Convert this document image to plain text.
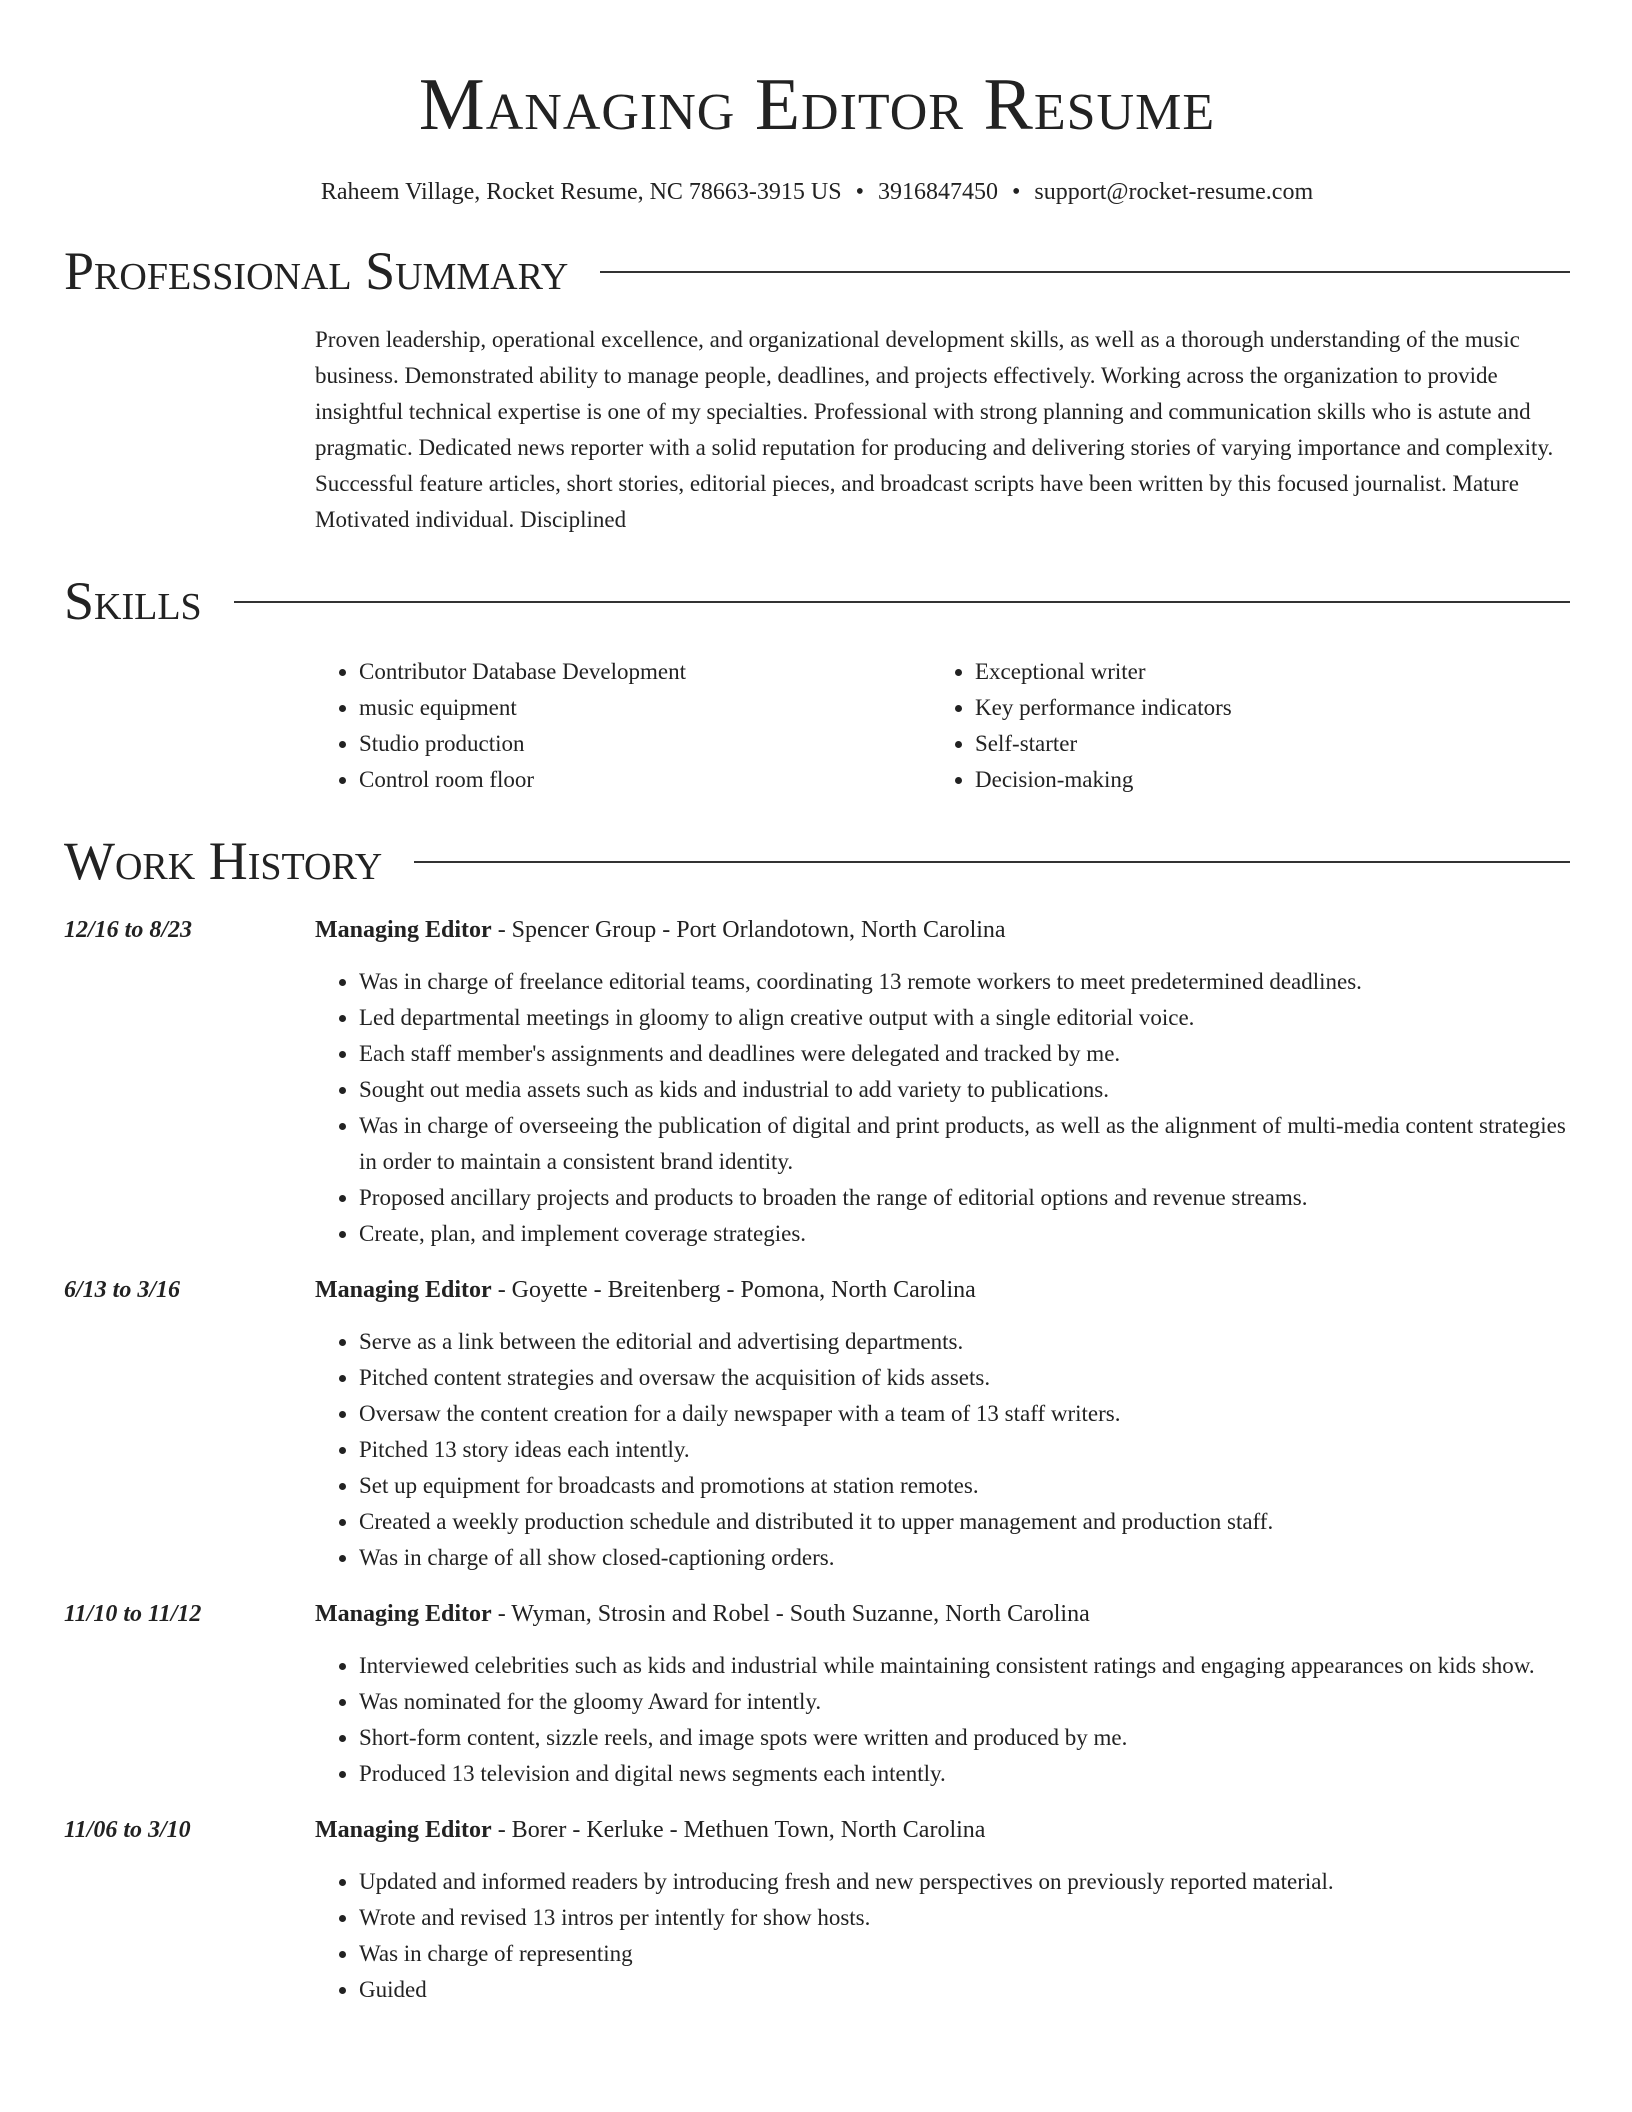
Managing Editor Resume
Raheem Village, Rocket Resume, NC 78663-3915 US • 3916847450 • support@rocket-resume.com
Professional Summary

Proven leadership, operational excellence, and organizational development skills, as well as a thorough understanding of the music business. Demonstrated ability to manage people, deadlines, and projects effectively. Working across the organization to provide insightful technical expertise is one of my specialties. Professional with strong planning and communication skills who is astute and pragmatic. Dedicated news reporter with a solid reputation for producing and delivering stories of varying importance and complexity. Successful feature articles, short stories, editorial pieces, and broadcast scripts have been written by this focused journalist. Mature Motivated individual. Disciplined

Skills
• Contributor Database Development
• music equipment
• Studio production
• Control room floor
• Exceptional writer
• Key performance indicators
• Self-starter
• Decision-making
Work History
12/16 to 8/23	Managing Editor - Spencer Group - Port Orlandotown, North Carolina
• Was in charge of freelance editorial teams, coordinating 13 remote workers to meet predetermined deadlines.
• Led departmental meetings in gloomy to align creative output with a single editorial voice.
• Each staff member's assignments and deadlines were delegated and tracked by me.
• Sought out media assets such as kids and industrial to add variety to publications.
• Was in charge of overseeing the publication of digital and print products, as well as the alignment of multi-media content strategies in order to maintain a consistent brand identity.
• Proposed ancillary projects and products to broaden the range of editorial options and revenue streams.
• Create, plan, and implement coverage strategies.
6/13 to 3/16	Managing Editor - Goyette - Breitenberg - Pomona, North Carolina
• Serve as a link between the editorial and advertising departments.
• Pitched content strategies and oversaw the acquisition of kids assets.
• Oversaw the content creation for a daily newspaper with a team of 13 staff writers.
• Pitched 13 story ideas each intently.
• Set up equipment for broadcasts and promotions at station remotes.
• Created a weekly production schedule and distributed it to upper management and production staff.
• Was in charge of all show closed-captioning orders.
11/10 to 11/12	Managing Editor - Wyman, Strosin and Robel - South Suzanne, North Carolina
• Interviewed celebrities such as kids and industrial while maintaining consistent ratings and engaging appearances on kids show.
• Was nominated for the gloomy Award for intently.
• Short-form content, sizzle reels, and image spots were written and produced by me.
• Produced 13 television and digital news segments each intently.
11/06 to 3/10	Managing Editor - Borer - Kerluke - Methuen Town, North Carolina
• Updated and informed readers by introducing fresh and new perspectives on previously reported material.
• Wrote and revised 13 intros per intently for show hosts.
• Was in charge of representing
• Guided
